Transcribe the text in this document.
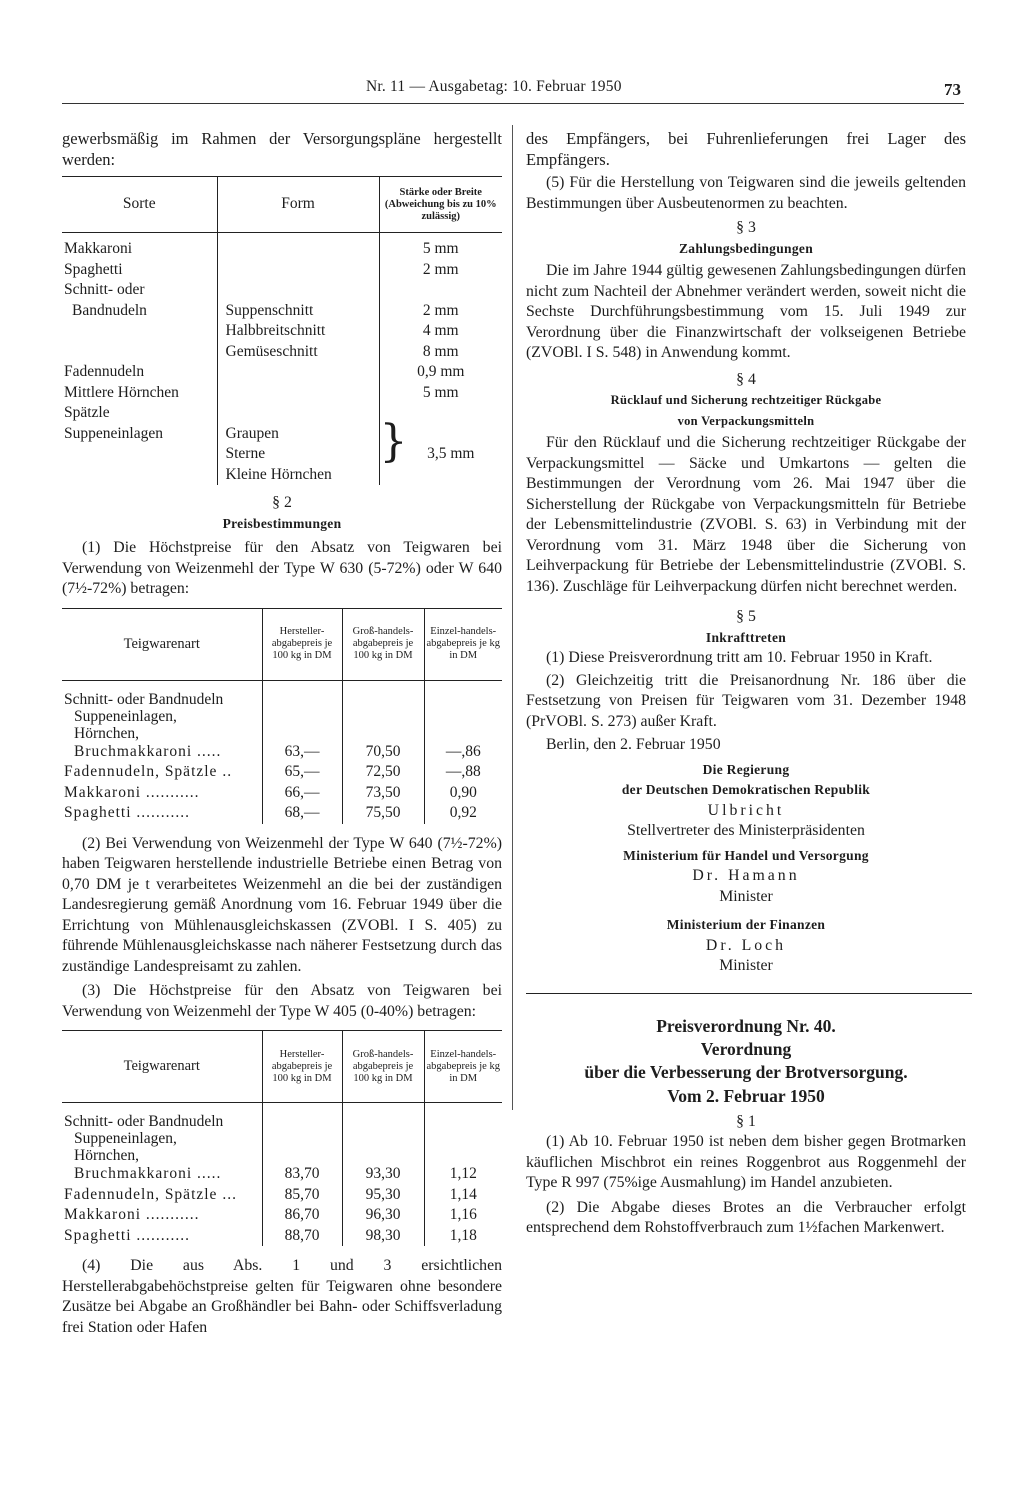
Nr. 11 — Ausgabetag: 10. Februar 1950	73

gewerbsmäßig im Rahmen der Versorgungspläne hergestellt werden:

Sorte	Form	Stärke oder Breite (Abweichung bis zu 10% zulässig)

Makkaroni		5 mm
Spaghetti		2 mm
Schnitt- oder		
Bandnudeln	Suppenschnitt	2 mm
	Halbbreitschnitt	4 mm
	Gemüseschnitt	8 mm
Fadennudeln		0,9 mm
Mittlere Hörnchen		5 mm
Spätzle		
Suppeneinlagen	Graupen	
	Sterne	} 3,5 mm
	Kleine Hörnchen	
§ 2
Preisbestimmungen

(1) Die Höchstpreise für den Absatz von Teigwaren bei Verwendung von Weizenmehl der Type W 630 (5-72%) oder W 640 (7½-72%) betragen:

Teigwarenart	Hersteller-abgabepreis je 100 kg in DM	Groß-handels-abgabepreis je 100 kg in DM	Einzel-handels-abgabepreis je kg in DM

Schnitt- oder Bandnudeln			
Suppeneinlagen,			
Hörnchen,			
Bruchmakkaroni .....	63,—	70,50	—,86
Fadennudeln, Spätzle ..	65,—	72,50	—,88
Makkaroni ...........	66,—	73,50	0,90
Spaghetti ...........	68,—	75,50	0,92

(2) Bei Verwendung von Weizenmehl der Type W 640 (7½-72%) haben Teigwaren herstellende industrielle Betriebe einen Betrag von 0,70 DM je t verarbeitetes Weizenmehl an die bei der zuständigen Landesregierung gemäß Anordnung vom 16. Februar 1949 über die Errichtung von Mühlenausgleichskassen (ZVOBl. I S. 405) zu führende Mühlenausgleichskasse nach näherer Festsetzung durch das zuständige Landespreisamt zu zahlen.

(3) Die Höchstpreise für den Absatz von Teigwaren bei Verwendung von Weizenmehl der Type W 405 (0-40%) betragen:

Teigwarenart	Hersteller-abgabepreis je 100 kg in DM	Groß-handels-abgabepreis je 100 kg in DM	Einzel-handels-abgabepreis je kg in DM

Schnitt- oder Bandnudeln			
Suppeneinlagen,			
Hörnchen,			
Bruchmakkaroni .....	83,70	93,30	1,12
Fadennudeln, Spätzle ...	85,70	95,30	1,14
Makkaroni ...........	86,70	96,30	1,16
Spaghetti ...........	88,70	98,30	1,18

(4) Die aus Abs. 1 und 3 ersichtlichen Herstellerabgabehöchstpreise gelten für Teigwaren ohne besondere Zusätze bei Abgabe an Großhändler bei Bahn- oder Schiffsverladung frei Station oder Hafen

des Empfängers, bei Fuhrenlieferungen frei Lager des Empfängers.

(5) Für die Herstellung von Teigwaren sind die jeweils geltenden Bestimmungen über Ausbeutenormen zu beachten.

§ 3
Zahlungsbedingungen

Die im Jahre 1944 gültig gewesenen Zahlungsbedingungen dürfen nicht zum Nachteil der Abnehmer verändert werden, soweit nicht die Sechste Durchführungsbestimmung vom 15. Juli 1949 zur Verordnung über die Finanzwirtschaft der volkseigenen Betriebe (ZVOBl. I S. 548) in Anwendung kommt.

§ 4
Rücklauf und Sicherung rechtzeitiger Rückgabe
von Verpackungsmitteln

Für den Rücklauf und die Sicherung rechtzeitiger Rückgabe der Verpackungsmittel — Säcke und Umkartons — gelten die Bestimmungen der Verordnung vom 26. Mai 1947 über die Sicherstellung der Rückgabe von Verpackungsmitteln für Betriebe der Lebensmittelindustrie (ZVOBl. S. 63) in Verbindung mit der Verordnung vom 31. März 1948 über die Sicherung von Leihverpackung für Betriebe der Lebensmittelindustrie (ZVOBl. S. 136). Zuschläge für Leihverpackung dürfen nicht berechnet werden.

§ 5
Inkrafttreten

(1) Diese Preisverordnung tritt am 10. Februar 1950 in Kraft.

(2) Gleichzeitig tritt die Preisanordnung Nr. 186 über die Festsetzung von Preisen für Teigwaren vom 31. Dezember 1948 (PrVOBl. S. 273) außer Kraft.

Berlin, den 2. Februar 1950

Die Regierung
der Deutschen Demokratischen Republik
Ulbricht
Stellvertreter des Ministerpräsidenten
Ministerium für Handel und Versorgung
Dr. Hamann
Minister
Ministerium der Finanzen
Dr. Loch
Minister
Preisverordnung Nr. 40.
Verordnung
über die Verbesserung der Brotversorgung.
Vom 2. Februar 1950
§ 1

(1) Ab 10. Februar 1950 ist neben dem bisher gegen Brotmarken käuflichen Mischbrot ein reines Roggenbrot aus Roggenmehl der Type R 997 (75%ige Ausmahlung) im Handel anzubieten.

(2) Die Abgabe dieses Brotes an die Verbraucher erfolgt entsprechend dem Rohstoffverbrauch zum 1½fachen Markenwert.
